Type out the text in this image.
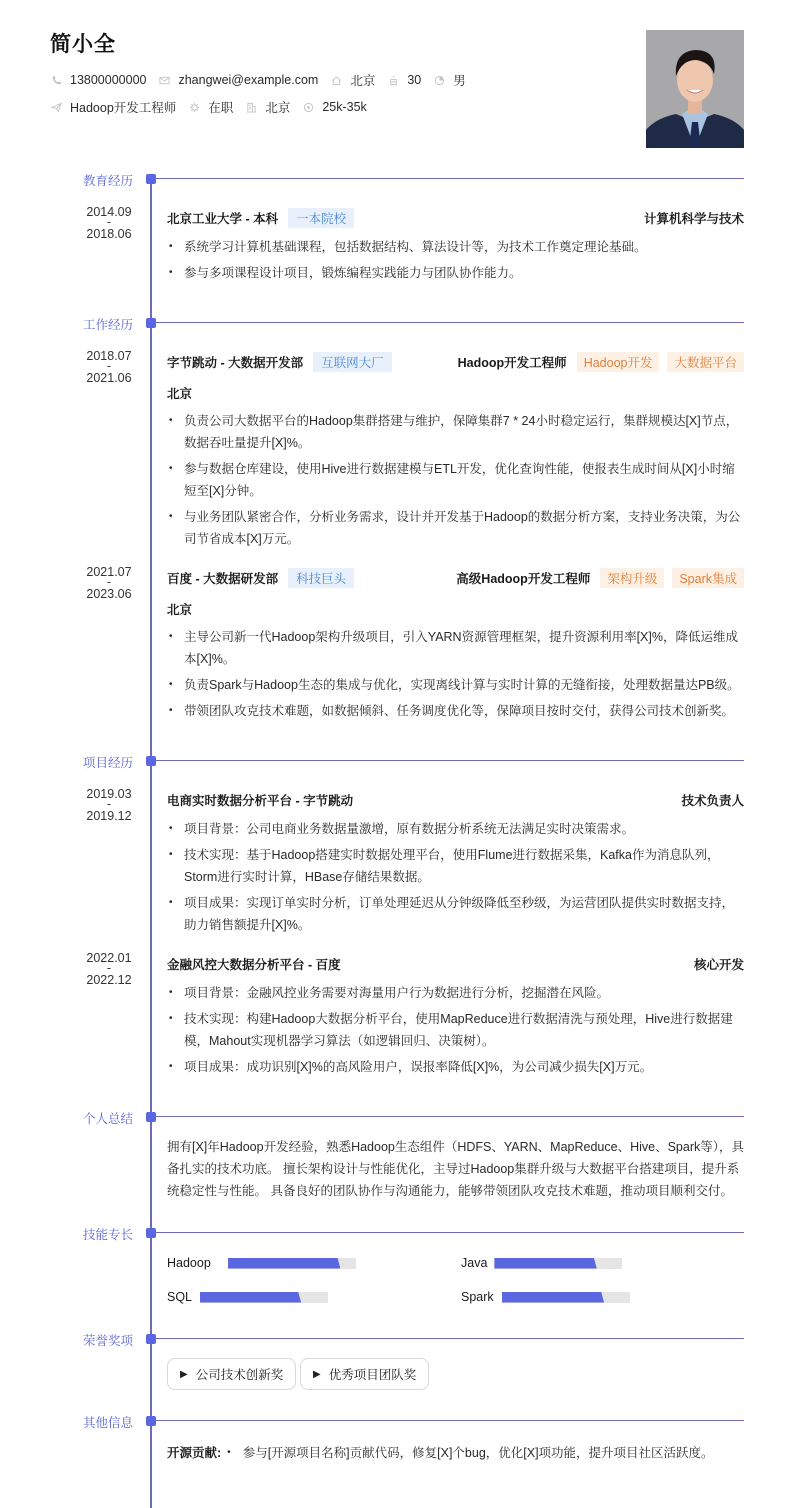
简小全
13800000000	zhangwei@example.com	北京	30	男
Hadoop开发工程师	在职	北京	25k-35k
教育经历
2014.09
-
2018.06
北京工业大学 - 本科	一本院校	计算机科学与技术
• 系统学习计算机基础课程，包括数据结构、算法设计等，为技术工作奠定理论基础。
• 参与多项课程设计项目，锻炼编程实践能力与团队协作能力。
工作经历
2018.07
-
2021.06
字节跳动 - 大数据开发部	互联网大厂	Hadoop开发工程师	Hadoop开发	大数据平台
北京
• 负责公司大数据平台的Hadoop集群搭建与维护，保障集群7 * 24小时稳定运行，集群规模达[X]节点，数据吞吐量提升[X]%。
• 参与数据仓库建设，使用Hive进行数据建模与ETL开发，优化查询性能，使报表生成时间从[X]小时缩短至[X]分钟。
• 与业务团队紧密合作，分析业务需求，设计并开发基于Hadoop的数据分析方案，支持业务决策，为公司节省成本[X]万元。
2021.07
-
2023.06
百度 - 大数据研发部	科技巨头	高级Hadoop开发工程师	架构升级	Spark集成
北京
• 主导公司新一代Hadoop架构升级项目，引入YARN资源管理框架，提升资源利用率[X]%，降低运维成本[X]%。
• 负责Spark与Hadoop生态的集成与优化，实现离线计算与实时计算的无缝衔接，处理数据量达PB级。
• 带领团队攻克技术难题，如数据倾斜、任务调度优化等，保障项目按时交付，获得公司技术创新奖。
项目经历
2019.03
-
2019.12
电商实时数据分析平台 - 字节跳动	技术负责人
• 项目背景：公司电商业务数据量激增，原有数据分析系统无法满足实时决策需求。
• 技术实现：基于Hadoop搭建实时数据处理平台，使用Flume进行数据采集，Kafka作为消息队列，Storm进行实时计算，HBase存储结果数据。
• 项目成果：实现订单实时分析，订单处理延迟从分钟级降低至秒级，为运营团队提供实时数据支持，助力销售额提升[X]%。
2022.01
-
2022.12
金融风控大数据分析平台 - 百度	核心开发
• 项目背景：金融风控业务需要对海量用户行为数据进行分析，挖掘潜在风险。
• 技术实现：构建Hadoop大数据分析平台，使用MapReduce进行数据清洗与预处理，Hive进行数据建模，Mahout实现机器学习算法（如逻辑回归、决策树）。
• 项目成果：成功识别[X]%的高风险用户，误报率降低[X]%，为公司减少损失[X]万元。
个人总结
拥有[X]年Hadoop开发经验，熟悉Hadoop生态组件（HDFS、YARN、MapReduce、Hive、Spark等），具备扎实的技术功底。 擅长架构设计与性能优化，主导过Hadoop集群升级与大数据平台搭建项目，提升系统稳定性与性能。 具备良好的团队协作与沟通能力，能够带领团队攻克技术难题，推动项目顺利交付。
技能专长
Hadoop	Java
SQL	Spark
荣誉奖项
▶ 公司技术创新奖	▶ 优秀项目团队奖
其他信息
开源贡献: • 参与[开源项目名称]贡献代码，修复[X]个bug，优化[X]项功能，提升项目社区活跃度。
